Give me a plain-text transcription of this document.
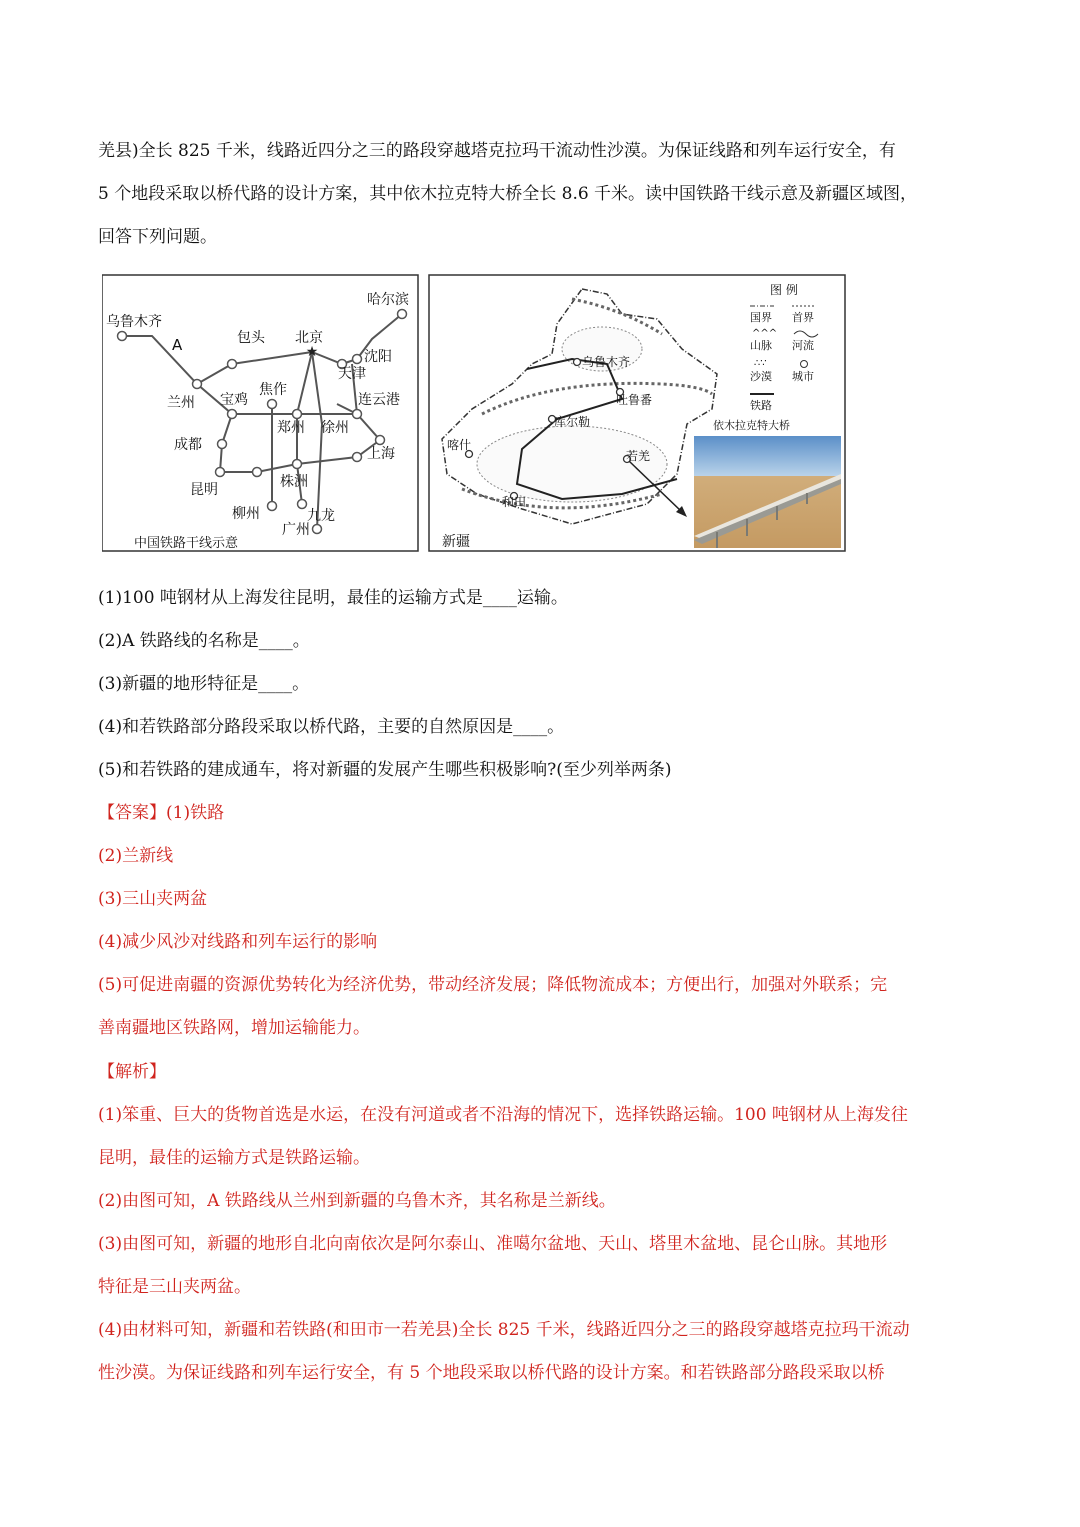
羌县)全长 825 千米，线路近四分之三的路段穿越塔克拉玛干流动性沙漠。为保证线路和列车运行安全，有
5 个地段采取以桥代路的设计方案，其中依木拉克特大桥全长 8.6 千米。读中国铁路干线示意及新疆区域图，
回答下列问题。
★
乌鲁木齐
哈尔滨
A	包头 北京
沈阳
天津
兰州 宝鸡
焦作
连云港
郑州 徐州
成都
上海
昆明	株洲
柳州	九龙
广州
中国铁路干线示意
乌鲁木齐
吐鲁番
库尔勒
喀什
和田
若羌
新疆
图 例
国界 首界
^^^
山脉 河流
∴∵
沙漠 城市
铁路
依木拉克特大桥
(1)100 吨钢材从上海发往昆明，最佳的运输方式是____运输。
(2)A 铁路线的名称是____。
(3)新疆的地形特征是____。
(4)和若铁路部分路段采取以桥代路，主要的自然原因是____。
(5)和若铁路的建成通车，将对新疆的发展产生哪些积极影响?(至少列举两条)
【答案】(1)铁路
(2)兰新线
(3)三山夹两盆
(4)减少风沙对线路和列车运行的影响
(5)可促进南疆的资源优势转化为经济优势，带动经济发展；降低物流成本；方便出行，加强对外联系；完
善南疆地区铁路网，增加运输能力。
【解析】
(1)笨重、巨大的货物首选是水运，在没有河道或者不沿海的情况下，选择铁路运输。100 吨钢材从上海发往
昆明，最佳的运输方式是铁路运输。
(2)由图可知，A 铁路线从兰州到新疆的乌鲁木齐，其名称是兰新线。
(3)由图可知，新疆的地形自北向南依次是阿尔泰山、准噶尔盆地、天山、塔里木盆地、昆仑山脉。其地形
特征是三山夹两盆。
(4)由材料可知，新疆和若铁路(和田市一若羌县)全长 825 千米，线路近四分之三的路段穿越塔克拉玛干流动
性沙漠。为保证线路和列车运行安全，有 5 个地段采取以桥代路的设计方案。和若铁路部分路段采取以桥
